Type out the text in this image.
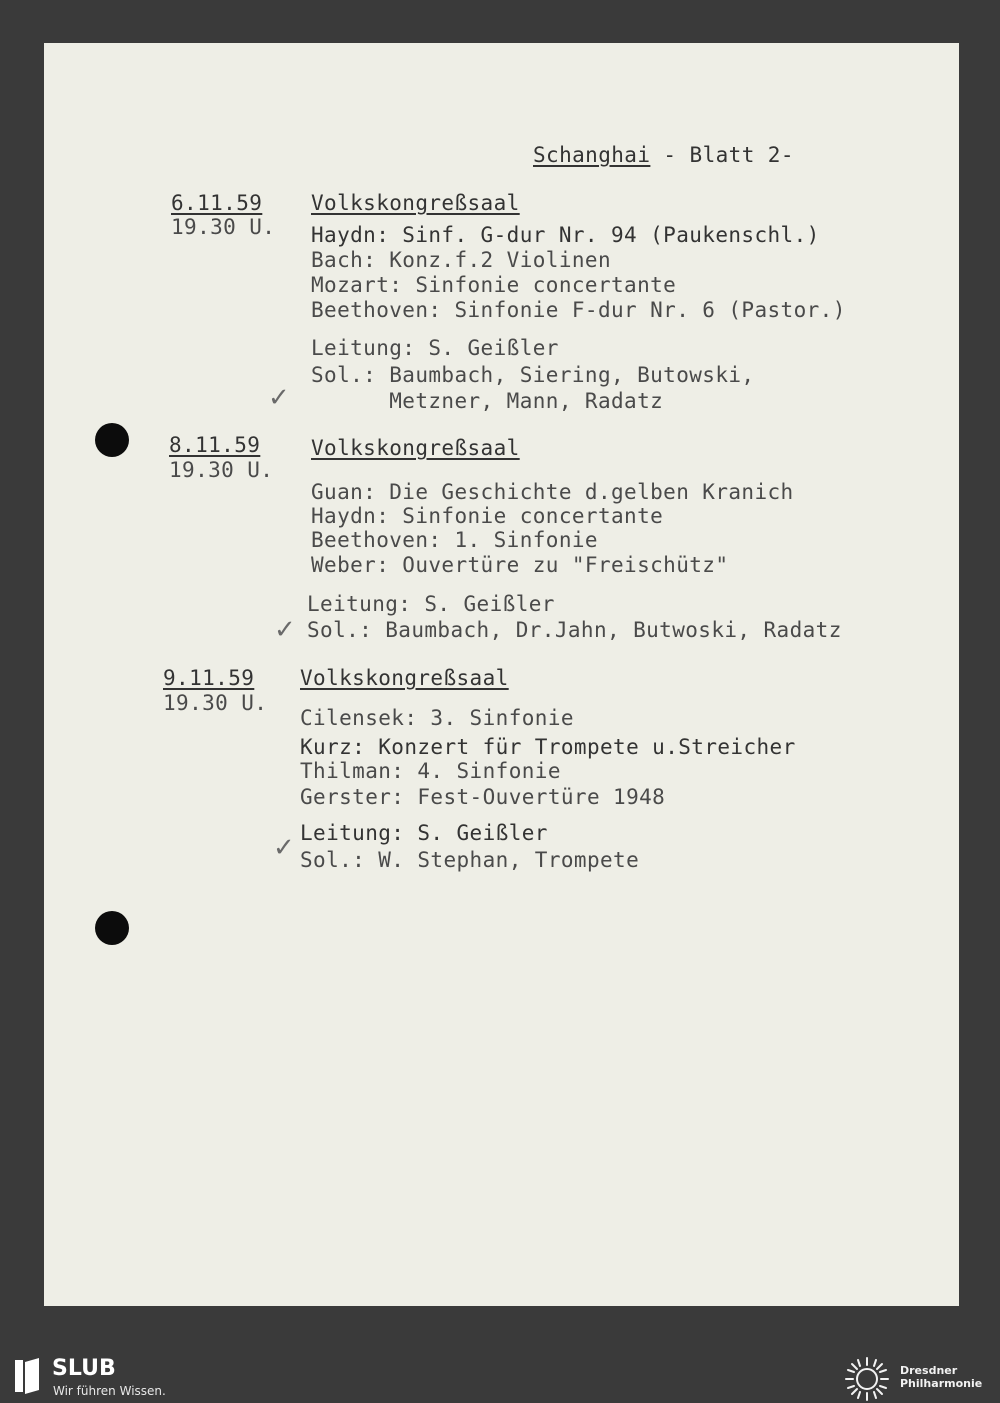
Schanghai - Blatt 2-
6.11.59
19.30 U.
Volkskongreßsaal
Haydn: Sinf. G-dur Nr. 94 (Paukenschl.)
Bach: Konz.f.2 Violinen
Mozart: Sinfonie concertante
Beethoven: Sinfonie F-dur Nr. 6 (Pastor.)
Leitung: S. Geißler
Sol.: Baumbach, Siering, Butowski,
Metzner, Mann, Radatz
✓
8.11.59
19.30 U.
Volkskongreßsaal
Guan: Die Geschichte d.gelben Kranich
Haydn: Sinfonie concertante
Beethoven: 1. Sinfonie
Weber: Ouvertüre zu "Freischütz"
Leitung: S. Geißler
Sol.: Baumbach, Dr.Jahn, Butwoski, Radatz
✓
9.11.59
19.30 U.
Volkskongreßsaal
Cilensek: 3. Sinfonie
Kurz: Konzert für Trompete u.Streicher
Thilman: 4. Sinfonie
Gerster: Fest-Ouvertüre 1948
Leitung: S. Geißler
Sol.: W. Stephan, Trompete
✓
SLUB
Wir führen Wissen.
Dresdner
Philharmonie
